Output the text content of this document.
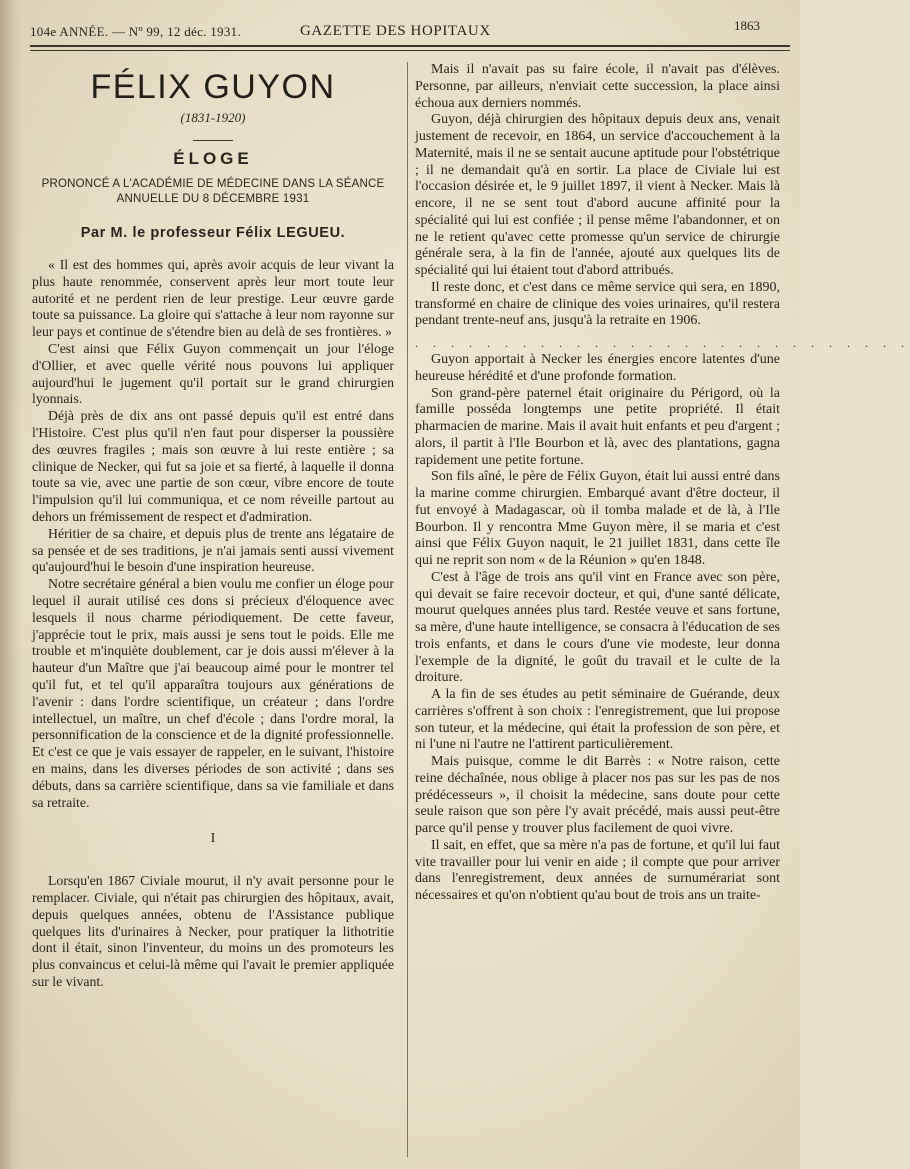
104e ANNÉE. — Nº 99, 12 déc. 1931.	GAZETTE DES HOPITAUX	1863
FÉLIX GUYON
(1831-1920)
ÉLOGE
PRONONCÉ A L'ACADÉMIE DE MÉDECINE DANS LA SÉANCE ANNUELLE DU 8 DÉCEMBRE 1931
Par M. le professeur Félix LEGUEU.

« Il est des hommes qui, après avoir acquis de leur vivant la plus haute renommée, conservent après leur mort toute leur autorité et ne perdent rien de leur prestige. Leur œuvre garde toute sa puissance. La gloire qui s'attache à leur nom rayonne sur leur pays et continue de s'étendre bien au delà de ses frontières. »

C'est ainsi que Félix Guyon commençait un jour l'éloge d'Ollier, et avec quelle vérité nous pouvons lui appliquer aujourd'hui le jugement qu'il portait sur le grand chirurgien lyonnais.

Déjà près de dix ans ont passé depuis qu'il est entré dans l'Histoire. C'est plus qu'il n'en faut pour disperser la poussière des œuvres fragiles ; mais son œuvre à lui reste entière ; sa clinique de Necker, qui fut sa joie et sa fierté, à laquelle il donna toute sa vie, avec une partie de son cœur, vibre encore de toute l'impulsion qu'il lui communiqua, et ce nom réveille partout au dehors un frémissement de respect et d'admiration.

Héritier de sa chaire, et depuis plus de trente ans légataire de sa pensée et de ses traditions, je n'ai jamais senti aussi vivement qu'aujourd'hui le besoin d'une inspiration heureuse.

Notre secrétaire général a bien voulu me confier un éloge pour lequel il aurait utilisé ces dons si précieux d'éloquence avec lesquels il nous charme périodiquement. De cette faveur, j'apprécie tout le prix, mais aussi je sens tout le poids. Elle me trouble et m'inquiète doublement, car je dois aussi m'élever à la hauteur d'un Maître que j'ai beaucoup aimé pour le montrer tel qu'il fut, et tel qu'il apparaîtra toujours aux générations de l'avenir : dans l'ordre scientifique, un créateur ; dans l'ordre intellectuel, un maître, un chef d'école ; dans l'ordre moral, la personnification de la conscience et de la dignité professionnelle. Et c'est ce que je vais essayer de rappeler, en le suivant, l'histoire en mains, dans les diverses périodes de son activité ; dans ses débuts, dans sa carrière scientifique, dans sa vie familiale et dans sa retraite.

I

Lorsqu'en 1867 Civiale mourut, il n'y avait personne pour le remplacer. Civiale, qui n'était pas chirurgien des hôpitaux, avait, depuis quelques années, obtenu de l'Assistance publique quelques lits d'urinaires à Necker, pour pratiquer la lithotritie dont il était, sinon l'inventeur, du moins un des promoteurs les plus convaincus et celui-là même qui l'avait le premier appliquée sur le vivant.

Mais il n'avait pas su faire école, il n'avait pas d'élèves. Personne, par ailleurs, n'enviait cette succession, la place ainsi échoua aux derniers nommés.

Guyon, déjà chirurgien des hôpitaux depuis deux ans, venait justement de recevoir, en 1864, un service d'accouchement à la Maternité, mais il ne se sentait aucune aptitude pour l'obstétrique ; il ne demandait qu'à en sortir. La place de Civiale lui est l'occasion désirée et, le 9 juillet 1897, il vient à Necker. Mais là encore, il ne se sent tout d'abord aucune affinité pour la spécialité qui lui est confiée ; il pense même l'abandonner, et on ne le retient qu'avec cette promesse qu'un service de chirurgie générale sera, à la fin de l'année, ajouté aux quelques lits de spécialité qui lui étaient tout d'abord attribués.

Il reste donc, et c'est dans ce même service qui sera, en 1890, transformé en chaire de clinique des voies urinaires, qu'il restera pendant trente-neuf ans, jusqu'à la retraite en 1906.

. . . . . . . . . . . . . . . . . . . . . . . . . . . .

Guyon apportait à Necker les énergies encore latentes d'une heureuse hérédité et d'une profonde formation.

Son grand-père paternel était originaire du Périgord, où la famille posséda longtemps une petite propriété. Il était pharmacien de marine. Mais il avait huit enfants et peu d'argent ; alors, il partit à l'Ile Bourbon et là, avec des plantations, gagna rapidement une petite fortune.

Son fils aîné, le père de Félix Guyon, était lui aussi entré dans la marine comme chirurgien. Embarqué avant d'être docteur, il fut envoyé à Madagascar, où il tomba malade et de là, à l'Ile Bourbon. Il y rencontra Mme Guyon mère, il se maria et c'est ainsi que Félix Guyon naquit, le 21 juillet 1831, dans cette île qui ne reprit son nom « de la Réunion » qu'en 1848.

C'est à l'âge de trois ans qu'il vint en France avec son père, qui devait se faire recevoir docteur, et qui, d'une santé délicate, mourut quelques années plus tard. Restée veuve et sans fortune, sa mère, d'une haute intelligence, se consacra à l'éducation de ses trois enfants, et dans le cours d'une vie modeste, leur donna l'exemple de la dignité, le goût du travail et le culte de la droiture.

A la fin de ses études au petit séminaire de Guérande, deux carrières s'offrent à son choix : l'enregistrement, que lui propose son tuteur, et la médecine, qui était la profession de son père, et ni l'une ni l'autre ne l'attirent particulièrement.

Mais puisque, comme le dit Barrès : « Notre raison, cette reine déchaînée, nous oblige à placer nos pas sur les pas de nos prédécesseurs », il choisit la médecine, sans doute pour cette seule raison que son père l'y avait précédé, mais aussi peut-être parce qu'il pense y trouver plus facilement de quoi vivre.

Il sait, en effet, que sa mère n'a pas de fortune, et qu'il lui faut vite travailler pour lui venir en aide ; il compte que pour arriver dans l'enregistrement, deux années de surnumérariat sont nécessaires et qu'on n'obtient qu'au bout de trois ans un traite-
